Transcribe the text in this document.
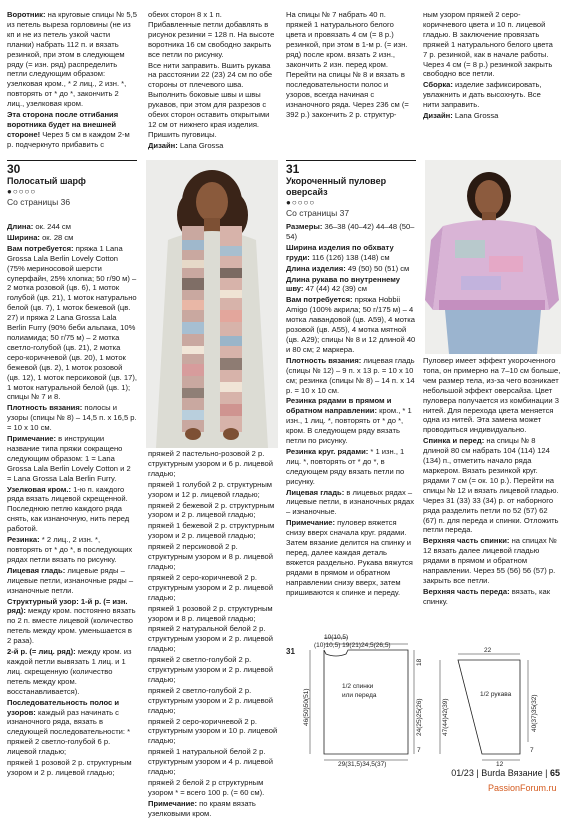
Воротник: на круговые спицы № 5,5 из петель выреза горловины (не из кп и не из петель узкой части планки) набрать 112 п. и вязать резинкой, при этом в следующем ряду (= изн. ряд) распределить петли следующим образом: узелковая кром., * 2 лиц., 2 изн. *, повторять от * до *, закончить 2 лиц., узелковая кром.

Эта сторона после отгибания воротника будет на внешней стороне! Через 5 см в каждом 2-м р. подчеркнуто прибавить с

обеих сторон 8 х 1 п. Прибавленные петли добавлять в рисунок резинки = 128 п. На высоте воротника 16 см свободно закрыть все петли по рисунку.

Все нити заправить. Вшить рукава на расстоянии 22 (23) 24 см по обе стороны от плечевого шва. Выполнить боковые швы и швы рукавов, при этом для разрезов с обеих сторон оставить открытыми 12 см от нижнего края изделия. Пришить пуговицы.

Дизайн: Lana Grossa

На спицы № 7 набрать 40 п. пряжей 1 натурального белого цвета и провязать 4 см (= 8 р.) резинкой, при этом в 1-м р. (= изн. ряд) после кром. вязать 2 изн., закончить 2 изн. перед кром.

Перейти на спицы № 8 и вязать в последовательности полос и узоров, всегда начиная с изнаночного ряда. Через 236 см (= 392 р.) закончить 2 р. структур-

ным узором пряжей 2 серо-коричневого цвета и 10 п. лицевой гладью. В заключение провязать пряжей 1 натурального белого цвета 7 р. резинкой, как в начале работы. Через 4 см (= 8 р.) резинкой закрыть свободно все петли.

Сборка: изделие зафиксировать, увлажнить и дать высохнуть. Все нити заправить.

Дизайн: Lana Grossa

30
Полосатый шарф
●○○○○
Со страницы 36

Длина: ок. 244 см

Ширина: ок. 28 см

Вам потребуется: пряжа 1 Lana Grossa Lala Berlin Lovely Cotton (75% мериносовой шерсти суперфайн, 25% хлопка; 50 г/90 м) – 2 мотка розовой (цв. 6), 1 моток голубой (цв. 21), 1 моток натурально белой (цв. 7), 1 моток бежевой (цв. 27) и пряжа 2 Lana Grossa Lala Berlin Furry (90% беби альпака, 10% полиамида; 50 г/75 м) – 2 мотка светло-голубой (цв. 21), 2 мотка серо-коричневой (цв. 20), 1 моток бежевой (цв. 2), 1 моток розовой (цв. 12), 1 моток персиковой (цв. 17), 1 моток натуральной белой (цв. 1); спицы № 7 и 8.

Плотность вязания: полосы и узоры (спицы № 8) – 14,5 п. х 16,5 р. = 10 х 10 см.

Примечание: в инструкции название типа пряжи сокращено следующим образом: 1 = Lana Grossa Lala Berlin Lovely Cotton и 2 = Lana Grossa Lala Berlin Furry.

Узелковая кром.: 1-ю п. каждого ряда вязать лицевой скрещенной. Последнюю петлю каждого ряда снять, как изнаночную, нить перед работой.

Резинка: * 2 лиц., 2 изн. *, повторять от * до *, в последующих рядах петли вязать по рисунку.

Лицевая гладь: лицевые ряды – лицевые петли, изнаночные ряды – изнаночные петли.

Структурный узор: 1-й р. (= изн. ряд): между кром. постоянно вязать по 2 п. вместе лицевой (количество петель между кром. уменьшается в 2 раза).

2-й р. (= лиц. ряд): между кром. из каждой петли вывязать 1 лиц. и 1 лиц. скрещенную (количество петель между кром. восстанавливается).

Последовательность полос и узоров: каждый раз начинать с изнаночного ряда, вязать в следующей последовательности: * пряжей 2 светло-голубой 6 р. лицевой гладью;

пряжей 1 розовой 2 р. структурным узором и 2 р. лицевой гладью;

пряжей 2 пастельно-розовой 2 р. структурным узором и 6 р. лицевой гладью;

пряжей 1 голубой 2 р. структурным узором и 12 р. лицевой гладью;

пряжей 2 бежевой 2 р. структурным узором и 2 р. лицевой гладью;

пряжей 1 бежевой 2 р. структурным узором и 2 р. лицевой гладью;

пряжей 2 персиковой 2 р. структурным узором и 8 р. лицевой гладью;

пряжей 2 серо-коричневой 2 р. структурным узором и 2 р. лицевой гладью;

пряжей 1 розовой 2 р. структурным узором и 8 р. лицевой гладью;

пряжей 2 натуральной белой 2 р. структурным узором и 2 р. лицевой гладью;

пряжей 2 светло-голубой 2 р. структурным узором и 2 р. лицевой гладью;

пряжей 2 светло-голубой 2 р. структурным узором и 2 р. лицевой гладью;

пряжей 2 серо-коричневой 2 р. структурным узором и 10 р. лицевой гладью;

пряжей 1 натуральной белой 2 р. структурным узором и 4 р. лицевой гладью;

пряжей 2 белой 2 р структурным узором * = всего 100 р. (= 60 см).

Примечание: по краям вязать узелковыми кром.

31
Укороченный пуловер оверсайз
●○○○○
Со страницы 37

Размеры: 36–38 (40–42) 44–48 (50–54)

Ширина изделия по обхвату груди: 116 (126) 138 (148) см

Длина изделия: 49 (50) 50 (51) см

Длина рукава по внутреннему шву: 47 (44) 42 (39) см

Вам потребуется: пряжа Hobbii Amigo (100% акрила; 50 г/175 м) – 4 мотка лавандовой (цв. А59), 4 мотка розовой (цв. А55), 4 мотка мятной (цв. А29); спицы № 8 и 12 длиной 40 и 80 см; 2 маркера.

Плотность вязания: лицевая гладь (спицы № 12) – 9 п. х 13 р. = 10 х 10 см; резинка (спицы № 8) – 14 п. х 14 р. = 10 х 10 см.

Резинка рядами в прямом и обратном направлении: кром., * 1 изн., 1 лиц. *, повторять от * до *, кром. В следующем ряду вязать петли по рисунку.

Резинка круг. рядами: * 1 изн., 1 лиц. *, повторять от * до *, в следующем ряду вязать петли по рисунку.

Лицевая гладь: в лицевых рядах – лицевые петли, в изнаночных рядах – изнаночные.

Примечание: пуловер вяжется снизу вверх сначала круг. рядами. Затем вязание делится на спинку и перед, далее каждая деталь вяжется раздельно. Рукава вяжутся рядами в прямом и обратном направлении снизу вверх, затем пришиваются к спинке и переду.

Пуловер имеет эффект укороченного топа, он примерно на 7–10 см больше, чем размер тела, из-за чего возникает небольшой эффект оверсайза. Цвет пуловера получается из комбинации 3 нитей. Для перехода цвета меняется одна из нитей. Эта замена может проводиться индивидуально.

Спинка и перед: на спицы № 8 длиной 80 см набрать 104 (114) 124 (134) п., отметить начало ряда маркером. Вязать резинкой круг. рядами 7 см (= ок. 10 р.). Перейти на спицы № 12 и вязать лицевой гладью. Через 31 (33) 33 (34) р. от наборного ряда разделить петли по 52 (57) 62 (67) п. для переда и спинки. Отложить петли переда.

Верхняя часть спинки: на спицах № 12 вязать далее лицевой гладью рядами в прямом и обратном направлении. Через 55 (56) 56 (57) р. закрыть все петли.

Верхняя часть переда: вязать, как спинку.

31
10(10,5)
(10)10,5) 19(21)24,5(26,5)
46(50)50(51)
1/2 спинки
или переда
18
24(25)25(26)
7
29(31,5)34,5(37)
22
1/2 рукава
47(44)42(39)	40(37)35(32)
7
12
01/23 | Burda Вязание | 65
PassionForum.ru
